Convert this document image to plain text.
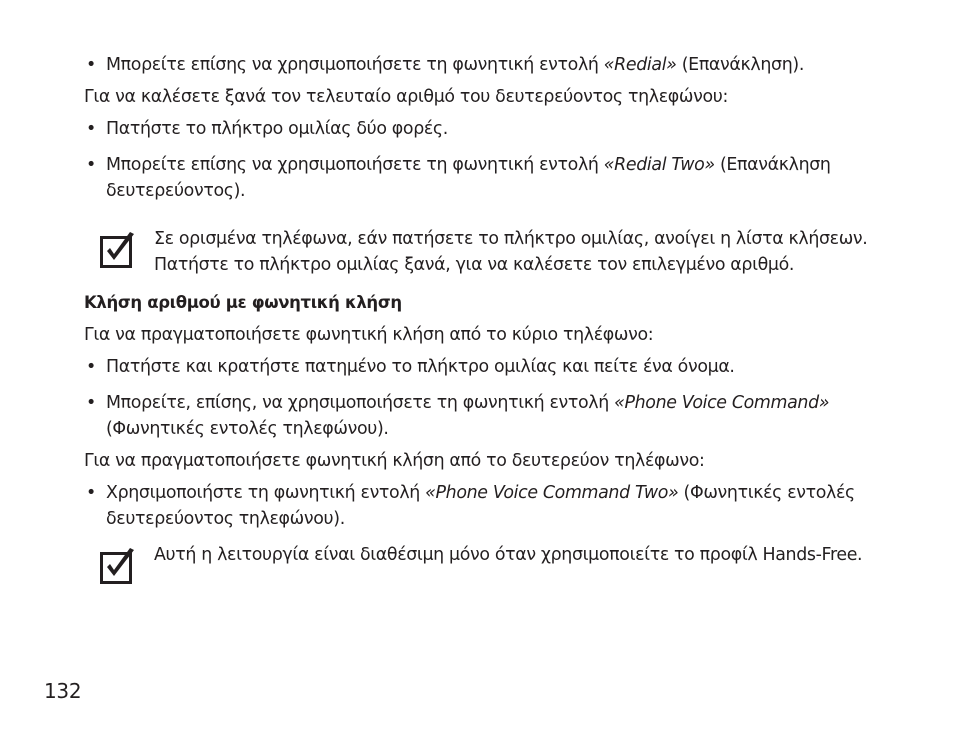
• Μπορείτε επίσης να χρησιμοποιήσετε τη φωνητική εντολή «Redial» (Επανάκληση).
Για να καλέσετε ξανά τον τελευταίο αριθμό του δευτερεύοντος τηλεφώνου:
• Πατήστε το πλήκτρο ομιλίας δύο φορές.
• Μπορείτε επίσης να χρησιμοποιήσετε τη φωνητική εντολή «Redial Two» (Επανάκληση δευτερεύοντος).
Σε ορισμένα τηλέφωνα, εάν πατήσετε το πλήκτρο ομιλίας, ανοίγει η λίστα κλήσεων. Πατήστε το πλήκτρο ομιλίας ξανά, για να καλέσετε τον επιλεγμένο αριθμό.
Κλήση αριθμού με φωνητική κλήση
Για να πραγματοποιήσετε φωνητική κλήση από το κύριο τηλέφωνο:
• Πατήστε και κρατήστε πατημένο το πλήκτρο ομιλίας και πείτε ένα όνομα.
• Μπορείτε, επίσης, να χρησιμοποιήσετε τη φωνητική εντολή «Phone Voice Command» (Φωνητικές εντολές τηλεφώνου).
Για να πραγματοποιήσετε φωνητική κλήση από το δευτερεύον τηλέφωνο:
• Χρησιμοποιήστε τη φωνητική εντολή «Phone Voice Command Two» (Φωνητικές εντολές δευτερεύοντος τηλεφώνου).
Αυτή η λειτουργία είναι διαθέσιμη μόνο όταν χρησιμοποιείτε το προφίλ Hands-Free.
132
